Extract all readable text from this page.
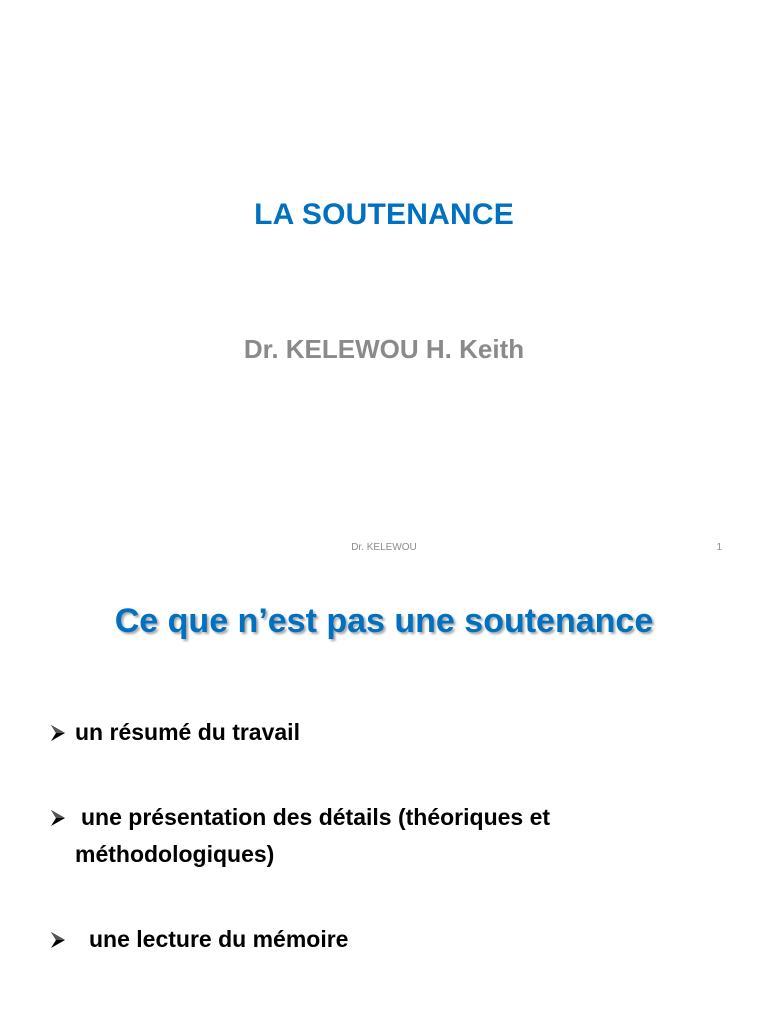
LA SOUTENANCE
Dr. KELEWOU H. Keith
Dr. KELEWOU	1
Ce que n’est pas une soutenance
un résumé du travail
une présentation des détails (théoriques et
méthodologiques)
une lecture du mémoire
